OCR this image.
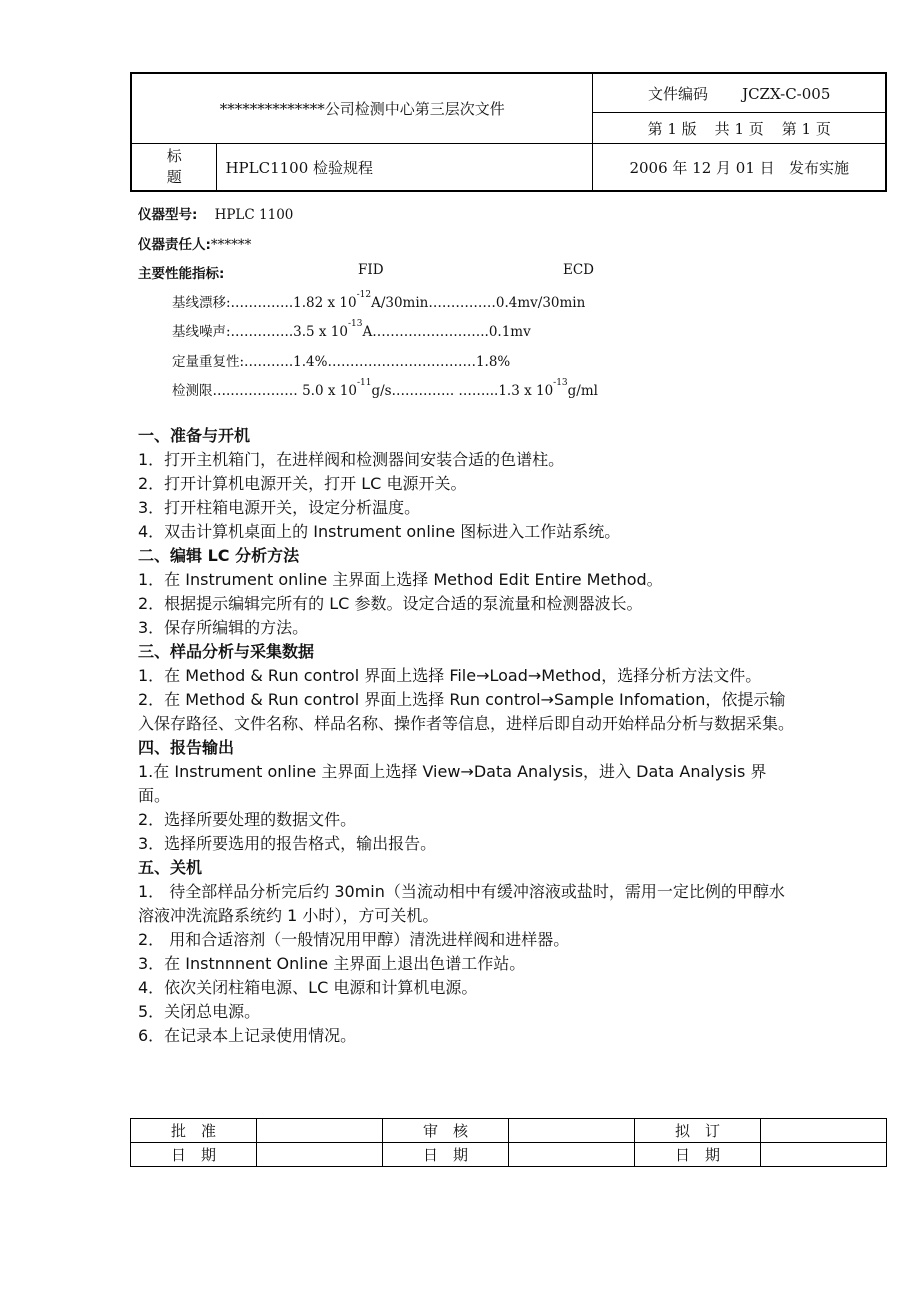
**************公司检测中心第三层次文件		文件编码 JCZX-C-005
		第 1 版 共 1 页 第 1 页

标
题	HPLC1100 检验规程	2006 年 12 月 01 日 发布实施
仪器型号: HPLC 1100
仪器责任人:******
主要性能指标:	FID	ECD
基线漂移:…………..1.82 x $10^{-12}A/30\min\dots\dots\dots\dots\dots 0.4mv/30\min$
基线噪声:…………..3.5 x $10^{-13}A\dots\dots\dots\dots\dots\dots\dots\dots..0.1mv$
定量重复性:………..1.4%……………………………1.8%
检测限….…………… 5.0 x $10^{-11}g/s\dots\dots\dots\dots$.. ……...1.3 x $10^{-13}g/ml$

一、准备与开机

1．打开主机箱门，在进样阀和检测器间安装合适的色谱柱。

2．打开计算机电源开关，打开 LC 电源开关。

3．打开柱箱电源开关，设定分析温度。

4．双击计算机桌面上的 Instrument online 图标进入工作站系统。

二、编辑 LC 分析方法

1．在 Instrument online 主界面上选择 Method Edit Entire Method。

2．根据提示编辑完所有的 LC 参数。设定合适的泵流量和检测器波长。

3．保存所编辑的方法。

三、样品分析与采集数据

1．在 Method & Run control 界面上选择 File→Load→Method，选择分析方法文件。

2．在 Method & Run control 界面上选择 Run control→Sample Infomation，依提示输入保存路径、文件名称、样品名称、操作者等信息，进样后即自动开始样品分析与数据采集。

四、报告输出

1.在 Instrument online 主界面上选择 View→Data Analysis，进入 Data Analysis 界面。

2．选择所要处理的数据文件。

3．选择所要选用的报告格式，输出报告。

五、关机

1． 待全部样品分析完后约 30min（当流动相中有缓冲溶液或盐时，需用一定比例的甲醇水溶液冲洗流路系统约 1 小时），方可关机。

2． 用和合适溶剂（一般情况用甲醇）清洗进样阀和进样器。

3．在 Instnnnent Online 主界面上退出色谱工作站。

4．依次关闭柱箱电源、LC 电源和计算机电源。

5．关闭总电源。

6．在记录本上记录使用情况。

批　准		审　核		拟　订	
日　期		日　期		日　期	
